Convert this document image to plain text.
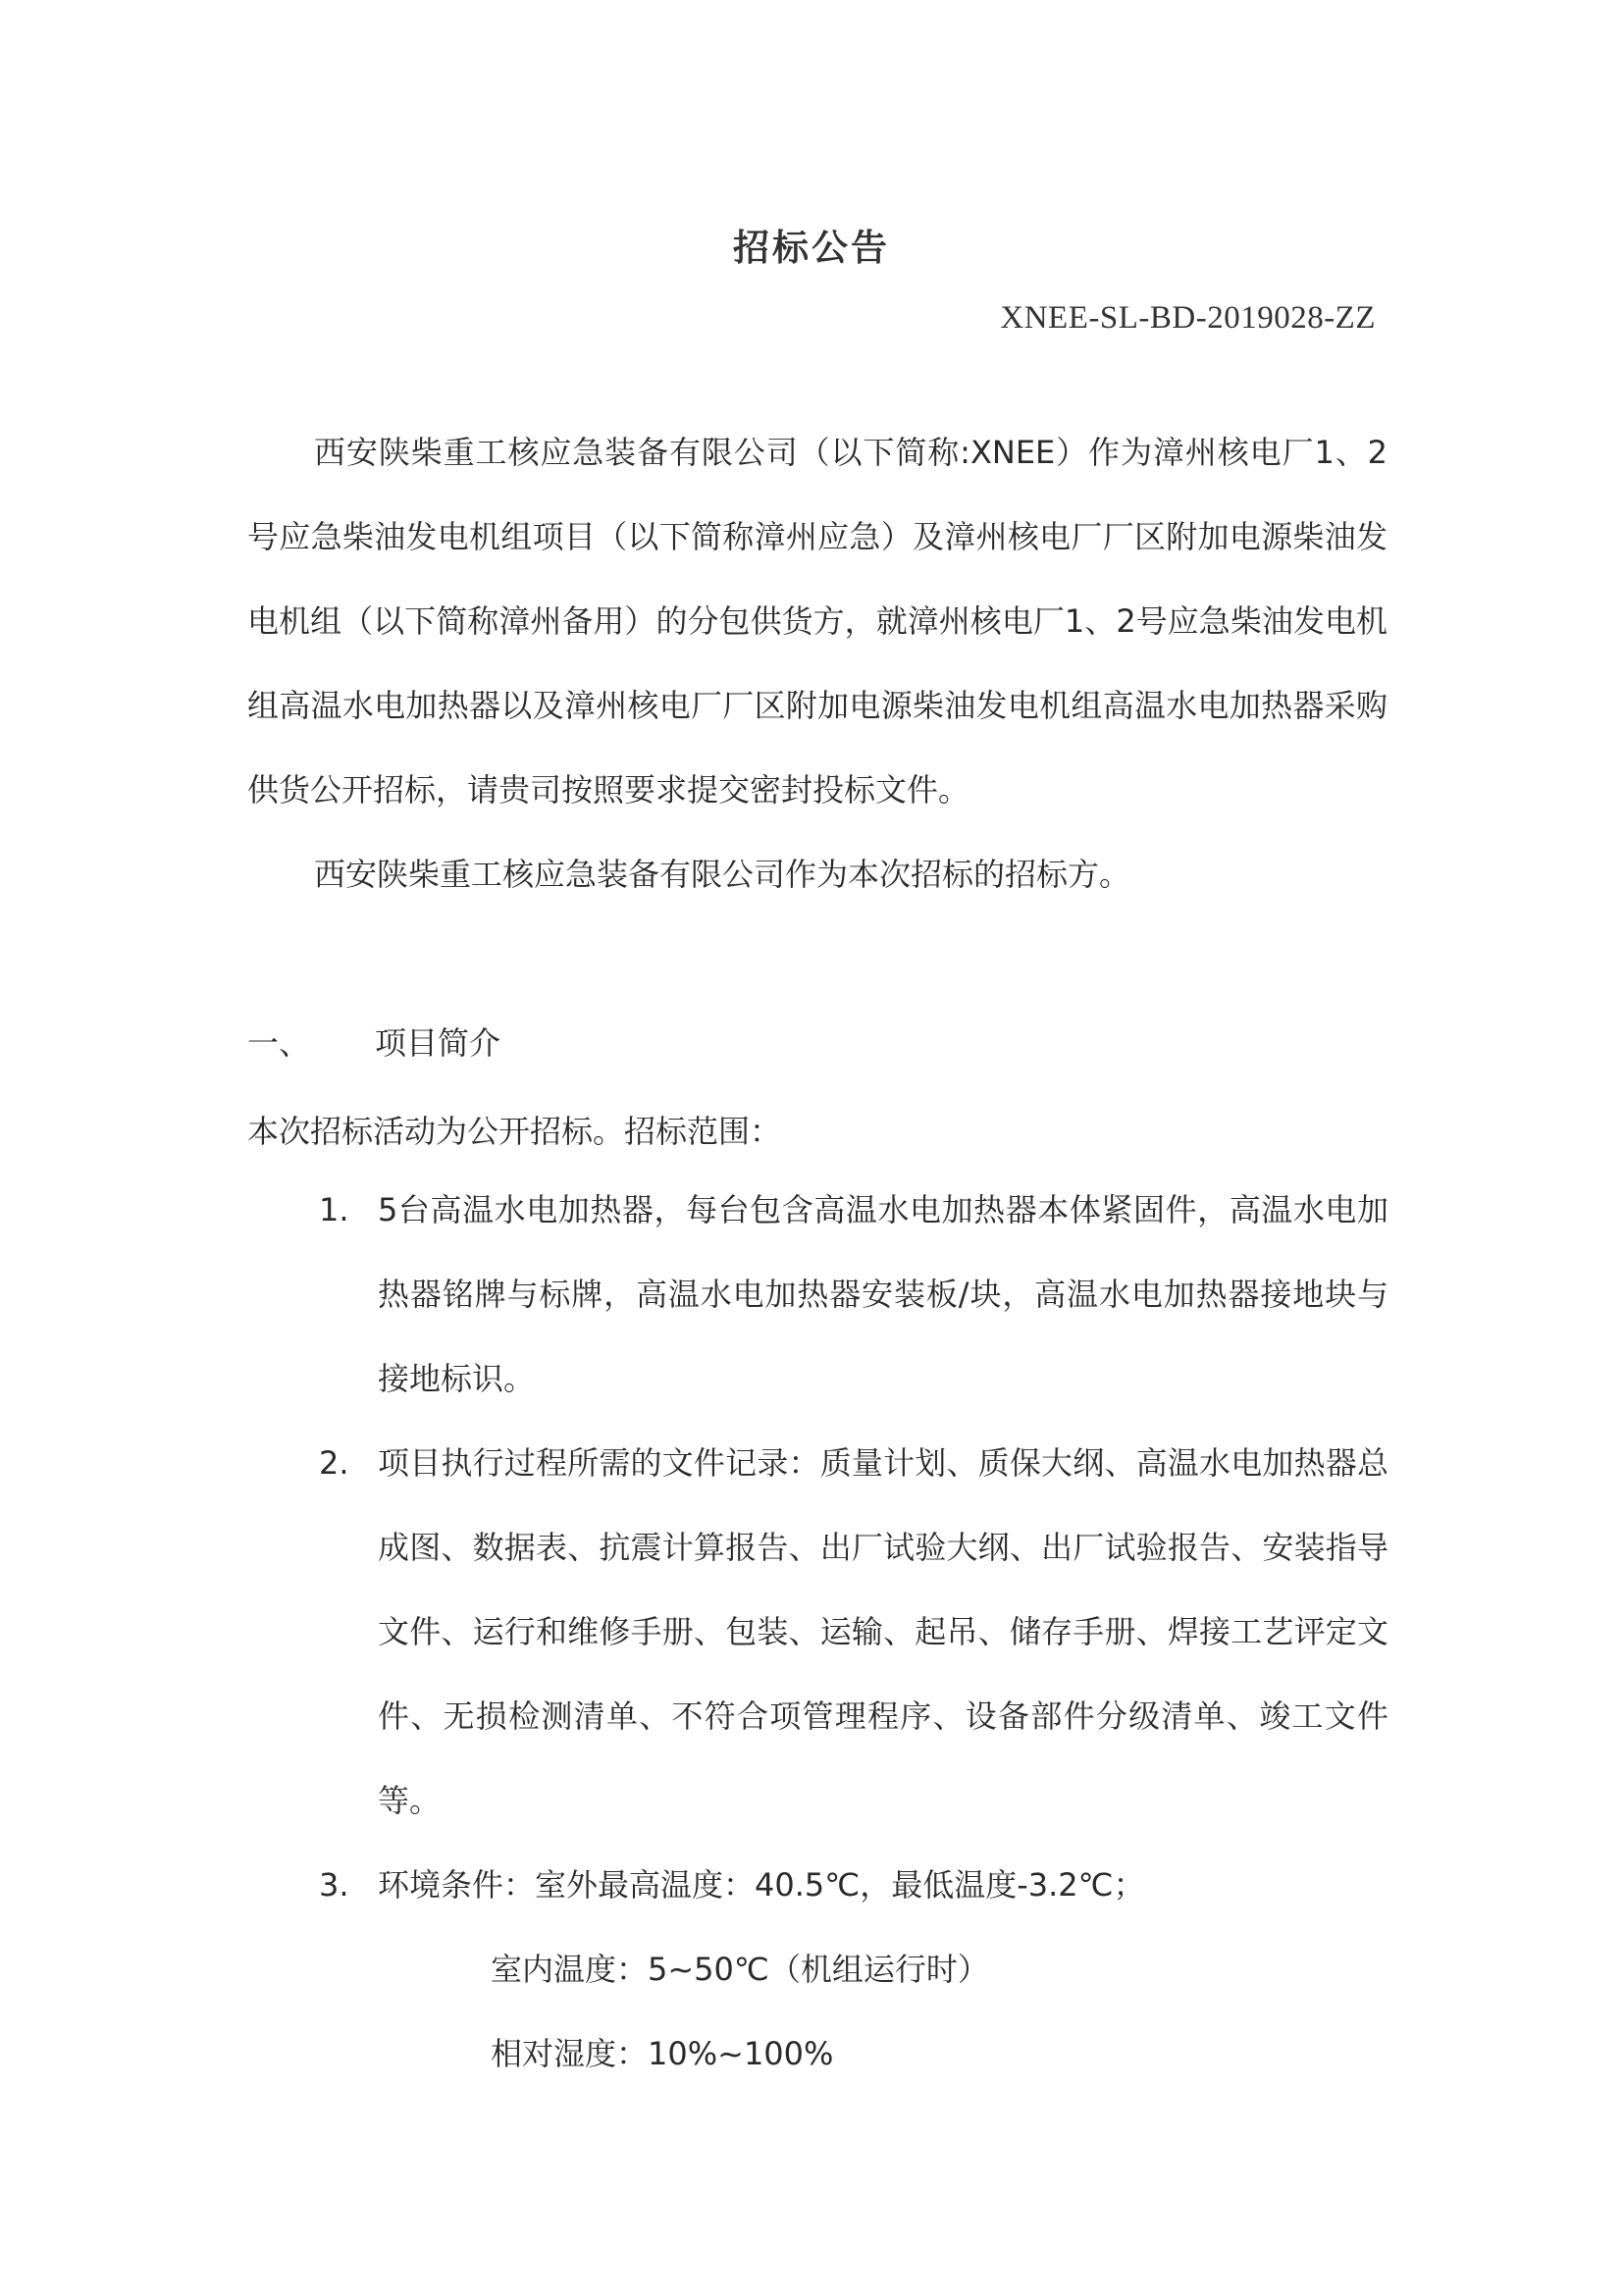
招标公告
XNEE-SL-BD-2019028-ZZ

西安陕柴重工核应急装备有限公司（以下简称:XNEE）作为漳州核电厂1、2号应急柴油发电机组项目（以下简称漳州应急）及漳州核电厂厂区附加电源柴油发电机组（以下简称漳州备用）的分包供货方，就漳州核电厂1、2号应急柴油发电机组高温水电加热器以及漳州核电厂厂区附加电源柴油发电机组高温水电加热器采购供货公开招标，请贵司按照要求提交密封投标文件。

西安陕柴重工核应急装备有限公司作为本次招标的招标方。

一、 项目简介
本次招标活动为公开招标。招标范围：
1. 5台高温水电加热器，每台包含高温水电加热器本体紧固件，高温水电加热器铭牌与标牌，高温水电加热器安装板/块，高温水电加热器接地块与接地标识。
2. 项目执行过程所需的文件记录：质量计划、质保大纲、高温水电加热器总成图、数据表、抗震计算报告、出厂试验大纲、出厂试验报告、安装指导文件、运行和维修手册、包装、运输、起吊、储存手册、焊接工艺评定文件、无损检测清单、不符合项管理程序、设备部件分级清单、竣工文件等。
3. 环境条件：室外最高温度：40.5℃，最低温度-3.2℃；
室内温度：5~50℃（机组运行时）
相对湿度：10%~100%
